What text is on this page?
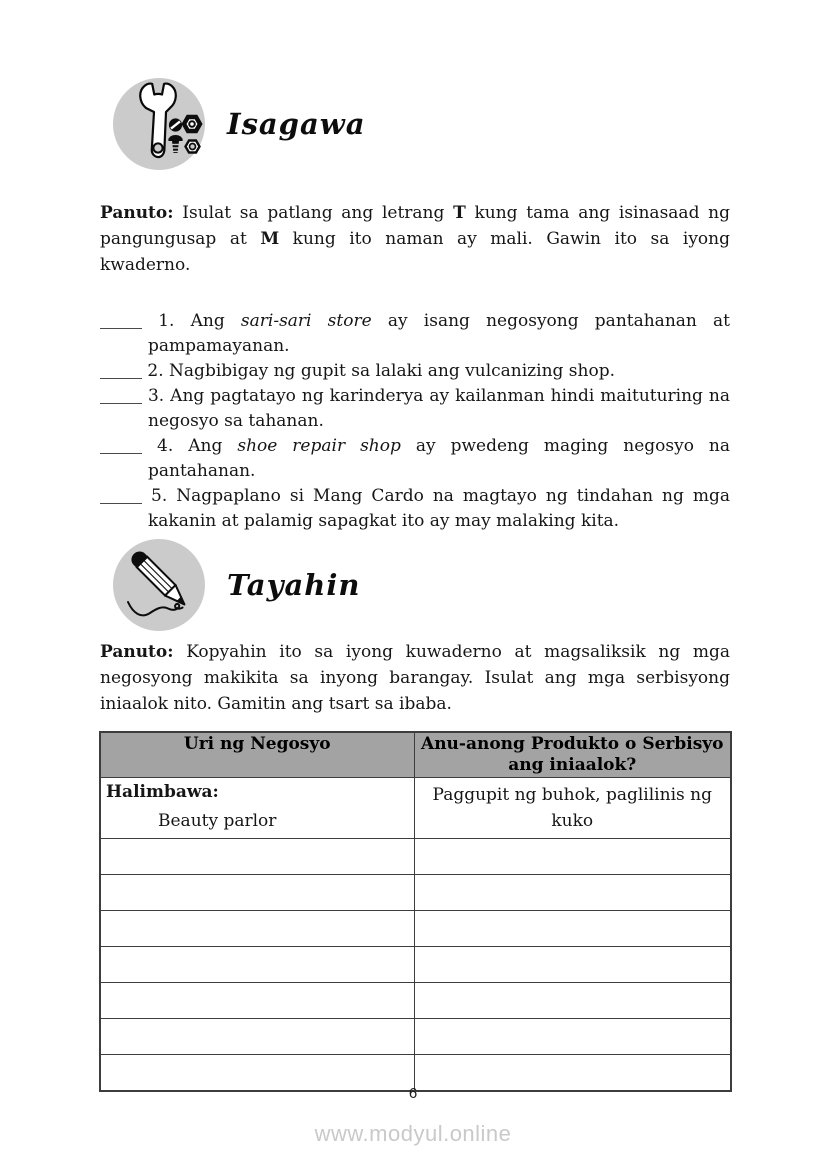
Isagawa

Panuto: Isulat sa patlang ang letrang T kung tama ang isinasaad ng pangungusap at M kung ito naman ay mali. Gawin ito sa iyong kwaderno.

1. Ang sari-sari store ay isang negosyong pantahanan at pampamayanan.

2. Nagbibigay ng gupit sa lalaki ang vulcanizing shop.

3. Ang pagtatayo ng karinderya ay kailanman hindi maituturing na negosyo sa tahanan.

4. Ang shoe repair shop ay pwedeng maging negosyo na pantahanan.

5. Nagpaplano si Mang Cardo na magtayo ng tindahan ng mga kakanin at palamig sapagkat ito ay may malaking kita.

Tayahin

Panuto: Kopyahin ito sa iyong kuwaderno at magsaliksik ng mga negosyong makikita sa inyong barangay. Isulat ang mga serbisyong iniaalok nito. Gamitin ang tsart sa ibaba.

Uri ng Negosyo	Anu-anong Produkto o Serbisyo ang iniaalok?

Halimbawa:
Beauty parlor	Paggupit ng buhok, paglilinis ng kuko

6
www.modyul.online
